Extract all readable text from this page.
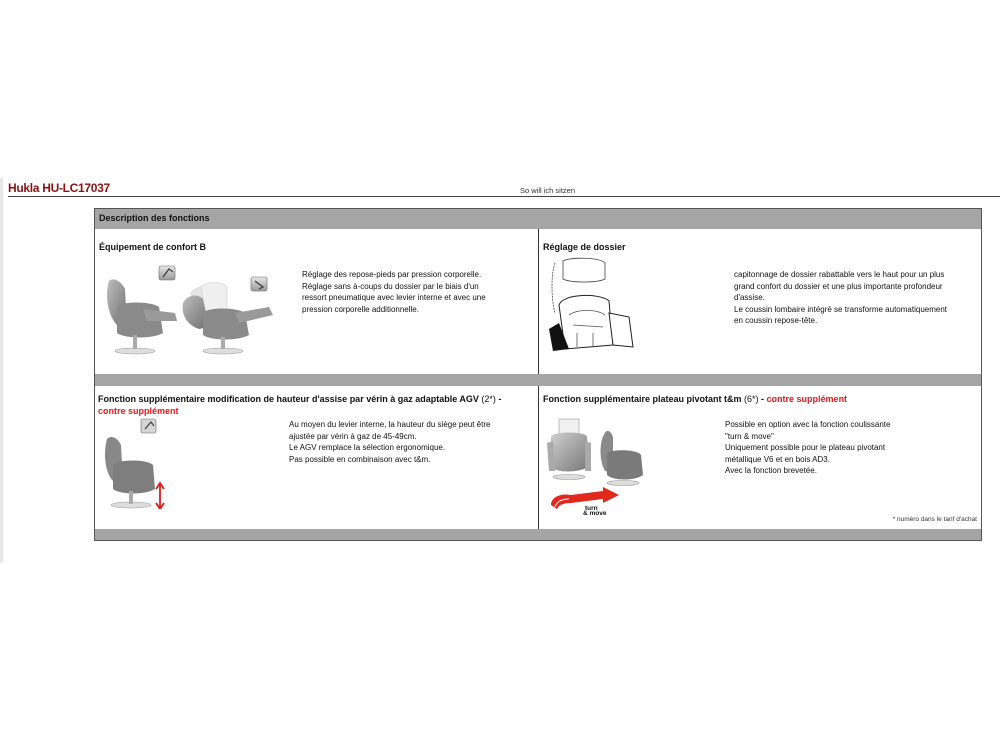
Hukla HU-LC17037	So will ich sitzen
Description des fonctions
Équipement de confort B
Réglage des repose-pieds par pression corporelle.
Réglage sans à-coups du dossier par le biais d'un
ressort pneumatique avec levier interne et avec une
pression corporelle additionnelle.
Réglage de dossier
capitonnage de dossier rabattable vers le haut pour un plus
grand confort du dossier et une plus importante profondeur
d'assise.
Le coussin lombaire intégré se transforme automatiquement
en coussin repose-tête.
Fonction supplémentaire modification de hauteur d'assise par vérin à gaz adaptable AGV (2*) -
contre supplément
Au moyen du levier interne, la hauteur du siège peut être
ajustée par vérin à gaz de 45-49cm.
Le AGV remplace la sélection ergonomique.
Pas possible en combinaison avec t&m.
Fonction supplémentaire plateau pivotant t&m (6*) - contre supplément
turn
& move
Possible en option avec la fonction coulissante
"turn & move"
Uniquement possible pour le plateau pivotant
métallique V6 et en bois AD3.
Avec la fonction brevetée.
* numéro dans le tarif d'achat
